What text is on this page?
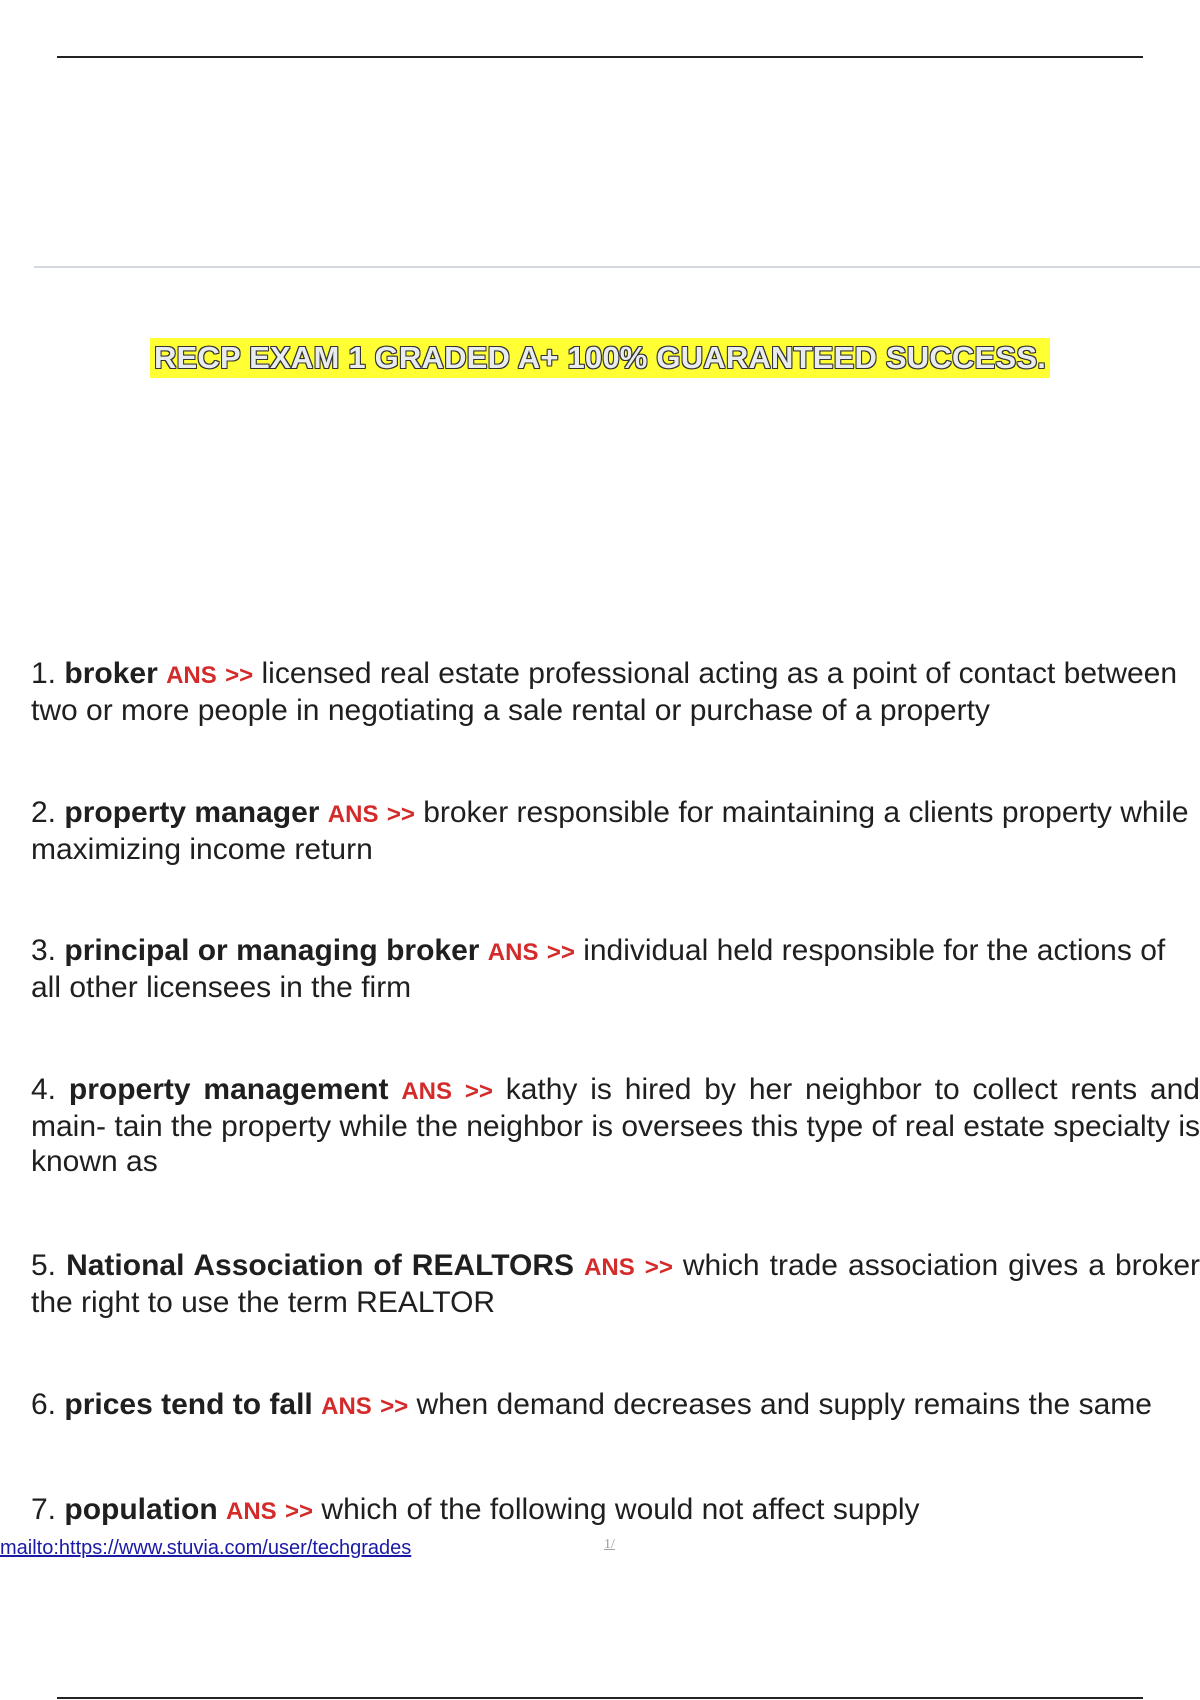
RECP EXAM 1 GRADED A+ 100% GUARANTEED SUCCESS.
1. broker ANS >> licensed real estate professional acting as a point of contact between two or more people in negotiating a sale rental or purchase of a property
2. property manager ANS >> broker responsible for maintaining a clients property while maximizing income return
3. principal or managing broker ANS >> individual held responsible for the actions of all other licensees in the firm
4. property management ANS >> kathy is hired by her neighbor to collect rents and main- tain the property while the neighbor is oversees this type of real estate specialty is known as
5. National Association of REALTORS ANS >> which trade association gives a broker the right to use the term REALTOR
6. prices tend to fall ANS >> when demand decreases and supply remains the same
7. population ANS >> which of the following would not affect supply
mailto:https://www.stuvia.com/user/techgrades	1/
